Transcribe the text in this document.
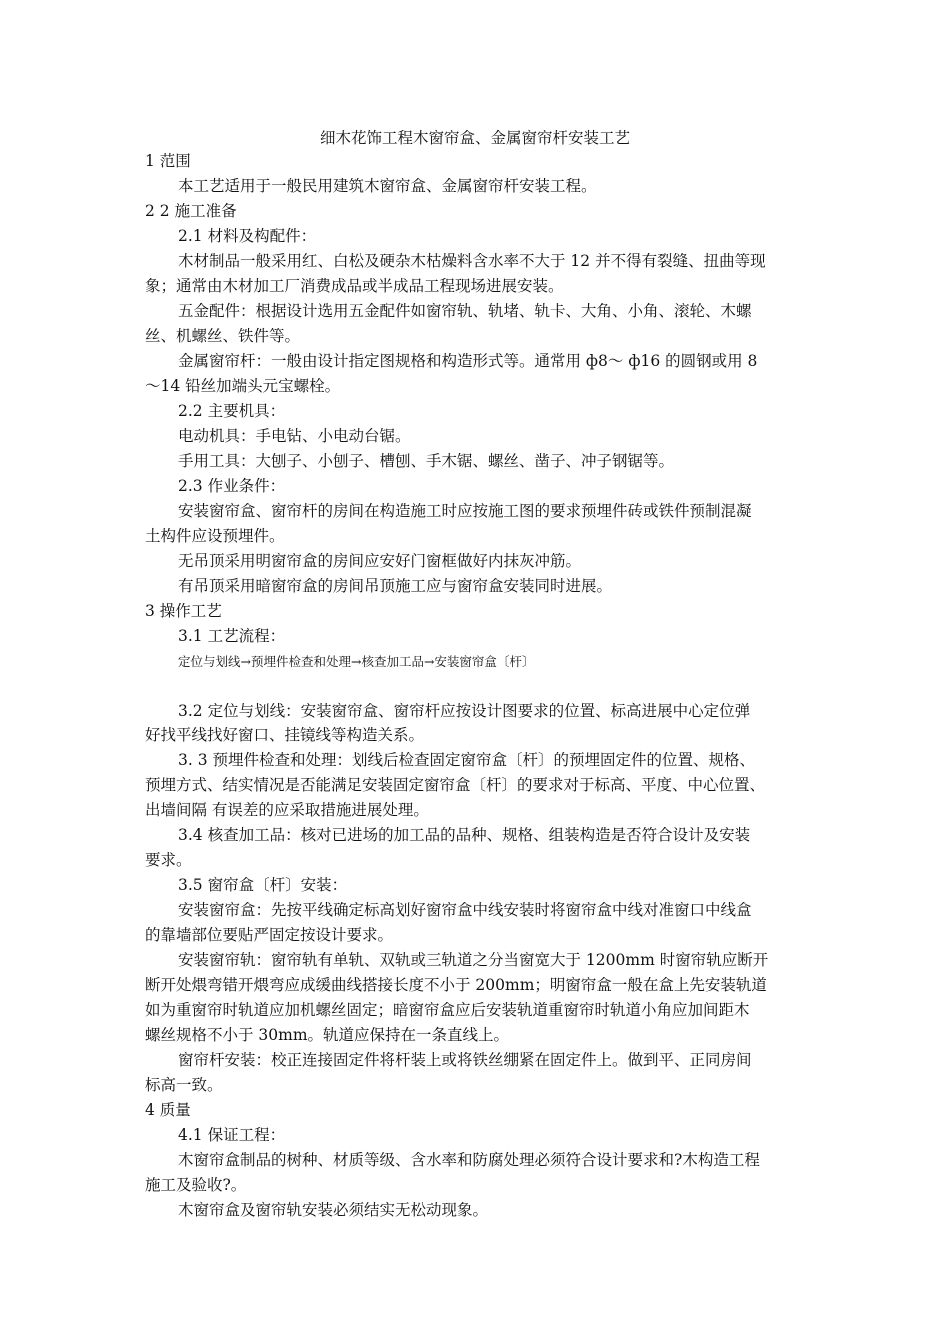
细木花饰工程木窗帘盒、金属窗帘杆安装工艺
1 范围
本工艺适用于一般民用建筑木窗帘盒、金属窗帘杆安装工程。
2 2 施工准备
2.1 材料及构配件：
木材制品一般采用红、白松及硬杂木枯燥料含水率不大于 12 并不得有裂缝、扭曲等现
象；通常由木材加工厂消费成品或半成品工程现场进展安装。
五金配件：根据设计选用五金配件如窗帘轨、轨堵、轨卡、大角、小角、滚轮、木螺
丝、机螺丝、铁件等。
金属窗帘杆：一般由设计指定图规格和构造形式等。通常用 ф8～ ф16 的圆钢或用 8
～14 铅丝加端头元宝螺栓。
2.2 主要机具：
电动机具：手电钻、小电动台锯。
手用工具：大刨子、小刨子、槽刨、手木锯、螺丝、凿子、冲子钢锯等。
2.3 作业条件：
安装窗帘盒、窗帘杆的房间在构造施工时应按施工图的要求预埋件砖或铁件预制混凝
土构件应设预埋件。
无吊顶采用明窗帘盒的房间应安好门窗框做好内抹灰冲筋。
有吊顶采用暗窗帘盒的房间吊顶施工应与窗帘盒安装同时进展。
3 操作工艺
3.1 工艺流程：
定位与划线→预埋件检查和处理→核查加工品→安装窗帘盒〔杆〕
3.2 定位与划线：安装窗帘盒、窗帘杆应按设计图要求的位置、标高进展中心定位弹
好找平线找好窗口、挂镜线等构造关系。
3. 3 预埋件检查和处理：划线后检查固定窗帘盒〔杆〕的预埋固定件的位置、规格、
预埋方式、结实情况是否能满足安装固定窗帘盒〔杆〕的要求对于标高、平度、中心位置、
出墙间隔 有误差的应采取措施进展处理。
3.4 核查加工品：核对已进场的加工品的品种、规格、组装构造是否符合设计及安装
要求。
3.5 窗帘盒〔杆〕安装：
安装窗帘盒：先按平线确定标高划好窗帘盒中线安装时将窗帘盒中线对准窗口中线盒
的靠墙部位要贴严固定按设计要求。
安装窗帘轨：窗帘轨有单轨、双轨或三轨道之分当窗宽大于 1200mm 时窗帘轨应断开
断开处煨弯错开煨弯应成缓曲线搭接长度不小于 200mm；明窗帘盒一般在盒上先安装轨道
如为重窗帘时轨道应加机螺丝固定；暗窗帘盒应后安装轨道重窗帘时轨道小角应加间距木
螺丝规格不小于 30mm。轨道应保持在一条直线上。
窗帘杆安装：校正连接固定件将杆装上或将铁丝绷紧在固定件上。做到平、正同房间
标高一致。
4 质量
4.1 保证工程：
木窗帘盒制品的树种、材质等级、含水率和防腐处理必须符合设计要求和?木构造工程
施工及验收?。
木窗帘盒及窗帘轨安装必须结实无松动现象。
